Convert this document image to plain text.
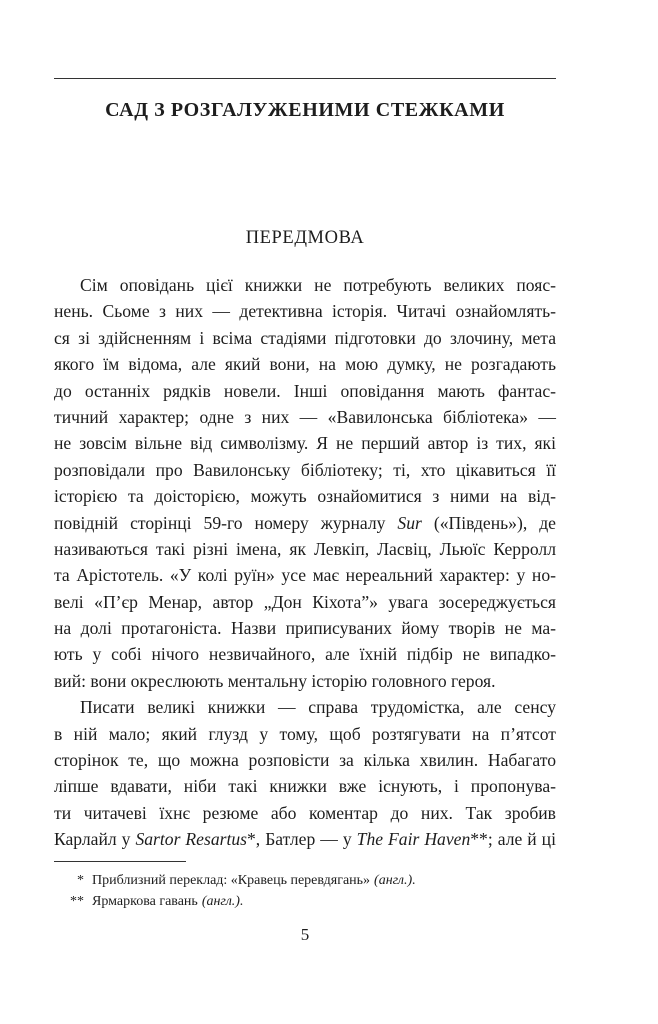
САД З РОЗГАЛУЖЕНИМИ СТЕЖКАМИ
ПЕРЕДМОВА
Сім оповідань цієї книжки не потребують великих пояс-
нень. Сьоме з них — детективна історія. Читачі ознайомлять-
ся зі здійсненням і всіма стадіями підготовки до злочину, мета
якого їм відома, але який вони, на мою думку, не розгадають
до останніх рядків новели. Інші оповідання мають фантас-
тичний характер; одне з них — «Вавилонська бібліотека» —
не зовсім вільне від символізму. Я не перший автор із тих, які
розповідали про Вавилонську бібліотеку; ті, хто цікавиться її
історією та доісторією, можуть ознайомитися з ними на від-
повідній сторінці 59-го номеру журналу Sur («Південь»), де
називаються такі різні імена, як Левкіп, Ласвіц, Льюїс Керролл
та Арістотель. «У колі руїн» усе має нереальний характер: у но-
велі «П’єр Менар, автор „Дон Кіхота”» увага зосереджується
на долі протагоніста. Назви приписуваних йому творів не ма-
ють у собі нічого незвичайного, але їхній підбір не випадко-
вий: вони окреслюють ментальну історію головного героя.
Писати великі книжки — справа трудомістка, але сенсу
в ній мало; який глузд у тому, щоб розтягувати на п’ятсот
сторінок те, що можна розповісти за кілька хвилин. Набагато
ліпше вдавати, ніби такі книжки вже існують, і пропонува-
ти читачеві їхнє резюме або коментар до них. Так зробив
Карлайл у Sartor Resartus*, Батлер — у The Fair Haven**; але й ці
* Приблизний переклад: «Кравець перевдягань» (англ.).
** Ярмаркова гавань (англ.).
5
